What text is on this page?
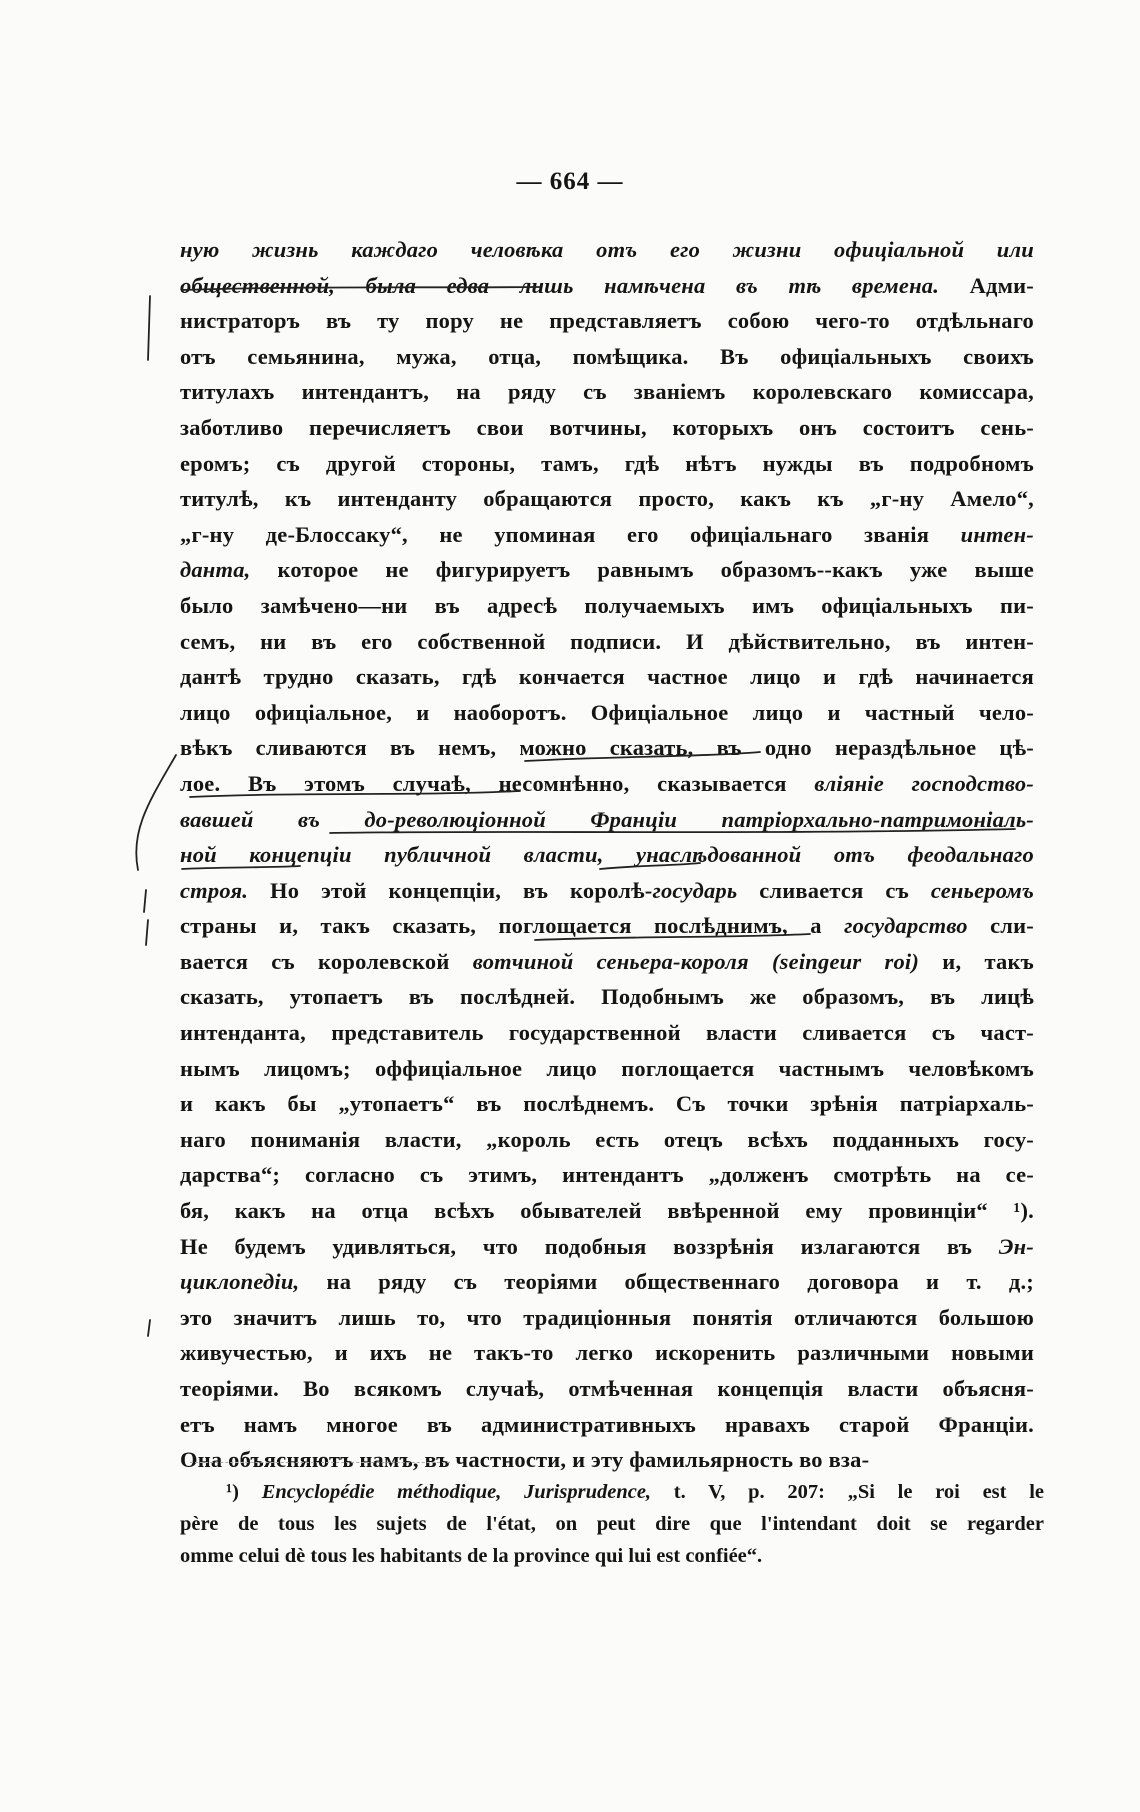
— 664 —
ную жизнь каждаго человѣка отъ его жизни офиціальной или
общественной, была едва лишь намѣчена въ тѣ времена. Адми-
нистраторъ въ ту пору не представляетъ собою чего-то отдѣльнаго
отъ семьянина, мужа, отца, помѣщика. Въ офиціальныхъ своихъ
титулахъ интендантъ, на ряду съ званіемъ королевскаго комиссара,
заботливо перечисляетъ свои вотчины, которыхъ онъ состоитъ сень-
еромъ; съ другой стороны, тамъ, гдѣ нѣтъ нужды въ подробномъ
титулѣ, къ интенданту обращаются просто, какъ къ „г-ну Амело“,
„г-ну де-Блоссаку“, не упоминая его офиціальнаго званія интен-
данта, которое не фигурируетъ равнымъ образомъ--какъ уже выше
было замѣчено—ни въ адресѣ получаемыхъ имъ офиціальныхъ пи-
семъ, ни въ его собственной подписи. И дѣйствительно, въ интен-
дантѣ трудно сказать, гдѣ кончается частное лицо и гдѣ начинается
лицо офиціальное, и наоборотъ. Офиціальное лицо и частный чело-
вѣкъ сливаются въ немъ, можно сказать, въ одно нераздѣльное цѣ-
лое. Въ этомъ случаѣ, несомнѣнно, сказывается вліяніе господство-
вавшей въ до-революціонной Франціи патріорхально-патримоніаль-
ной концепціи публичной власти, унаслѣдованной отъ феодальнаго
строя. Но этой концепціи, въ королѣ-государь сливается съ сеньеромъ
страны и, такъ сказать, поглощается послѣднимъ, а государство сли-
вается съ королевской вотчиной сеньера-короля (seingeur roi) и, такъ
сказать, утопаетъ въ послѣдней. Подобнымъ же образомъ, въ лицѣ
интенданта, представитель государственной власти сливается съ част-
нымъ лицомъ; оффиціальное лицо поглощается частнымъ человѣкомъ
и какъ бы „утопаетъ“ въ послѣднемъ. Съ точки зрѣнія патріархаль-
наго пониманія власти, „король есть отецъ всѣхъ подданныхъ госу-
дарства“; согласно съ этимъ, интендантъ „долженъ смотрѣть на се-
бя, какъ на отца всѣхъ обывателей ввѣренной ему провинціи“ ¹).
Не будемъ удивляться, что подобныя воззрѣнія излагаются въ Эн-
циклопедіи, на ряду съ теоріями общественнаго договора и т. д.;
это значитъ лишь то, что традиціонныя понятія отличаются большою
живучестью, и ихъ не такъ-то легко искоренить различными новыми
теоріями. Во всякомъ случаѣ, отмѣченная концепція власти объясня-
етъ намъ многое въ административныхъ нравахъ старой Франціи.
Она объясняютъ намъ, въ частности, и эту фамильярность во вза-
¹) Encyclopédie méthodique, Jurisprudence, t. V, p. 207: „Si le roi est le
père de tous les sujets de l'état, on peut dire que l'intendant doit se regarder
omme celui dè tous les habitants de la province qui lui est confiée“.
